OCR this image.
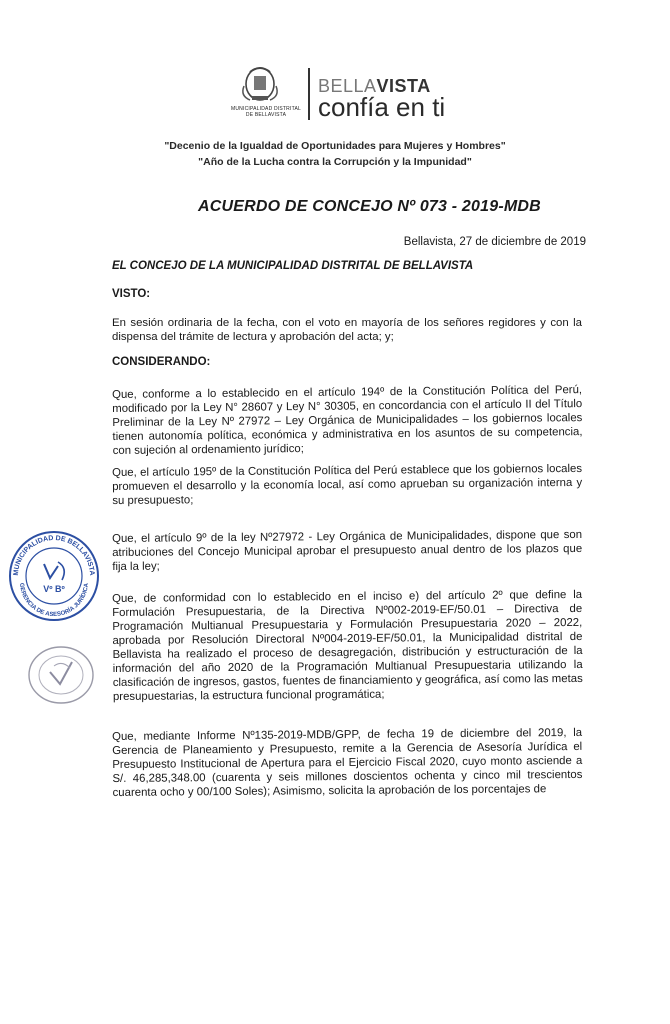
MUNICIPALIDAD DISTRITAL DE BELLAVISTA
BELLAVISTA
confía en ti
"Decenio de la Igualdad de Oportunidades para Mujeres y Hombres"
"Año de la Lucha contra la Corrupción y la Impunidad"
ACUERDO DE CONCEJO Nº 073 - 2019-MDB
Bellavista, 27 de diciembre de 2019
EL CONCEJO DE LA MUNICIPALIDAD DISTRITAL DE BELLAVISTA
VISTO:
En sesión ordinaria de la fecha, con el voto en mayoría de los señores regidores y con la dispensa del trámite de lectura y aprobación del acta; y;
CONSIDERANDO:
Que, conforme a lo establecido en el artículo 194º de la Constitución Política del Perú, modificado por la Ley N° 28607 y Ley N° 30305, en concordancia con el artículo II del Título Preliminar de la Ley Nº 27972 – Ley Orgánica de Municipalidades – los gobiernos locales tienen autonomía política, económica y administrativa en los asuntos de su competencia, con sujeción al ordenamiento jurídico;
Que, el artículo 195º de la Constitución Política del Perú establece que los gobiernos locales promueven el desarrollo y la economía local, así como aprueban su organización interna y su presupuesto;
Que, el artículo 9º de la ley Nº27972 - Ley Orgánica de Municipalidades, dispone que son atribuciones del Concejo Municipal aprobar el presupuesto anual dentro de los plazos que fija la ley;
Que, de conformidad con lo establecido en el inciso e) del artículo 2º que define la Formulación Presupuestaria, de la Directiva Nº002-2019-EF/50.01 – Directiva de Programación Multianual Presupuestaria y Formulación Presupuestaria 2020 – 2022, aprobada por Resolución Directoral Nº004-2019-EF/50.01, la Municipalidad distrital de Bellavista ha realizado el proceso de desagregación, distribución y estructuración de la información del año 2020 de la Programación Multianual Presupuestaria utilizando la clasificación de ingresos, gastos, fuentes de financiamiento y geográfica, así como las metas presupuestarias, la estructura funcional programática;
Que, mediante Informe Nº135-2019-MDB/GPP, de fecha 19 de diciembre del 2019, la Gerencia de Planeamiento y Presupuesto, remite a la Gerencia de Asesoría Jurídica el Presupuesto Institucional de Apertura para el Ejercicio Fiscal 2020, cuyo monto asciende a S/. 46,285,348.00 (cuarenta y seis millones doscientos ochenta y cinco mil trescientos cuarenta ocho y 00/100 Soles); Asimismo, solicita la aprobación de los porcentajes de
MUNICIPALIDAD DE BELLAVISTA
GERENCIA DE ASESORÍA JURÍDICA
Vº Bº
